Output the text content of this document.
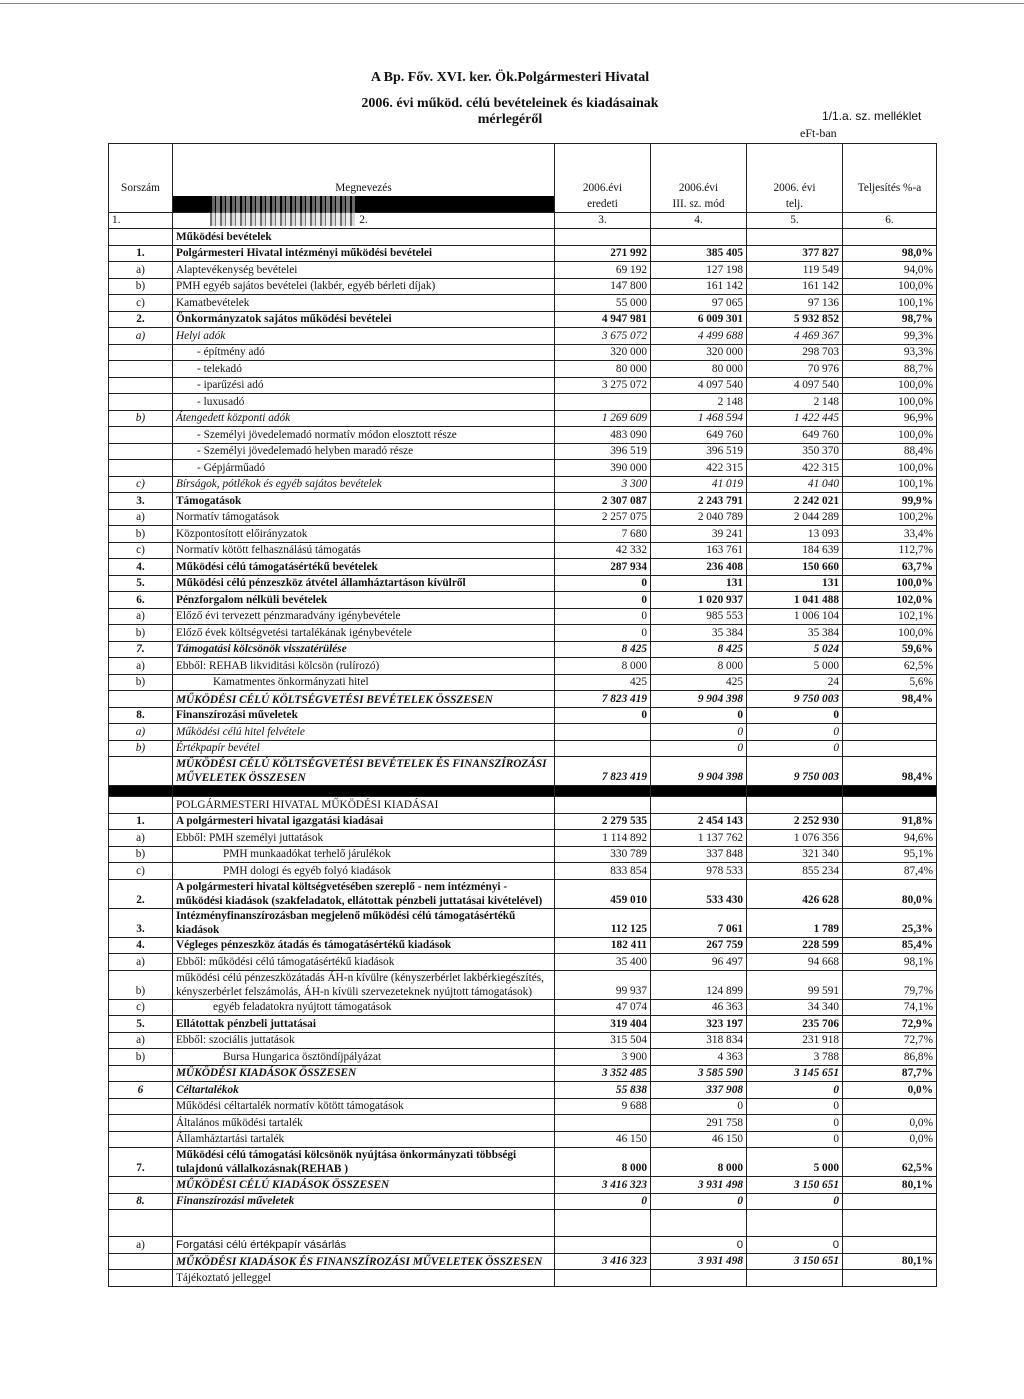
A Bp. Főv. XVI. ker. Ök.Polgármesteri Hivatal
2006. évi működ. célú bevételeinek és kiadásainak mérlegéről	1/1.a. sz. melléklet
eFt-ban
Sorszám	Megnevezés	2006.évi	2006.évi	2006. évi	Teljesítés %-a
		eredeti	III. sz. mód	telj.	
1.	2.	3.	4.	5.	6.
	Működési bevételek				
1.	Polgármesteri Hivatal intézményi működési bevételei	271 992	385 405	377 827	98,0%
a)	Alaptevékenység bevételei	69 192	127 198	119 549	94,0%
b)	PMH egyéb sajátos bevételei (lakbér, egyéb bérleti díjak)	147 800	161 142	161 142	100,0%
c)	Kamatbevételek	55 000	97 065	97 136	100,1%
2.	Önkormányzatok sajátos működési bevételei	4 947 981	6 009 301	5 932 852	98,7%
a)	Helyi adók	3 675 072	4 499 688	4 469 367	99,3%
	- építmény adó	320 000	320 000	298 703	93,3%
	- telekadó	80 000	80 000	70 976	88,7%
	- iparűzési adó	3 275 072	4 097 540	4 097 540	100,0%
	- luxusadó		2 148	2 148	100,0%
b)	Átengedett központi adók	1 269 609	1 468 594	1 422 445	96,9%
	- Személyi jövedelemadó normatív módon elosztott része	483 090	649 760	649 760	100,0%
	- Személyi jövedelemadó helyben maradó része	396 519	396 519	350 370	88,4%
	- Gépjárműadó	390 000	422 315	422 315	100,0%
c)	Bírságok, pótlékok és egyéb sajátos bevételek	3 300	41 019	41 040	100,1%
3.	Támogatások	2 307 087	2 243 791	2 242 021	99,9%
a)	Normatív támogatások	2 257 075	2 040 789	2 044 289	100,2%
b)	Központosított előirányzatok	7 680	39 241	13 093	33,4%
c)	Normatív kötött felhasználású támogatás	42 332	163 761	184 639	112,7%
4.	Működési célú támogatásértékű bevételek	287 934	236 408	150 660	63,7%
5.	Működési célú pénzeszköz átvétel államháztartáson kívülről	0	131	131	100,0%
6.	Pénzforgalom nélküli bevételek	0	1 020 937	1 041 488	102,0%
a)	Előző évi tervezett pénzmaradvány igénybevétele	0	985 553	1 006 104	102,1%
b)	Előző évek költségvetési tartalékának igénybevétele	0	35 384	35 384	100,0%
7.	Támogatási kölcsönök visszatérülése	8 425	8 425	5 024	59,6%
a)	Ebből: REHAB likviditási kölcsön (rulírozó)	8 000	8 000	5 000	62,5%
b)	Kamatmentes önkormányzati hitel	425	425	24	5,6%
	MŰKÖDÉSI CÉLÚ KÖLTSÉGVETÉSI BEVÉTELEK ÖSSZESEN	7 823 419	9 904 398	9 750 003	98,4%
8.	Finanszírozási műveletek	0	0	0	
a)	Működési célú hitel felvétele		0	0	
b)	Értékpapír bevétel		0	0	
	MŰKÖDÉSI CÉLÚ KÖLTSÉGVETÉSI BEVÉTELEK ÉS FINANSZÍROZÁSI MŰVELETEK ÖSSZESEN	7 823 419	9 904 398	9 750 003	98,4%

	POLGÁRMESTERI HIVATAL MŰKÖDÉSI KIADÁSAI				
1.	A polgármesteri hivatal igazgatási kiadásai	2 279 535	2 454 143	2 252 930	91,8%
a)	Ebből: PMH személyi juttatások	1 114 892	1 137 762	1 076 356	94,6%
b)	PMH munkaadókat terhelő járulékok	330 789	337 848	321 340	95,1%
c)	PMH dologi és egyéb folyó kiadások	833 854	978 533	855 234	87,4%
2.	A polgármesteri hivatal költségvetésében szereplő - nem intézményi - működési kiadások (szakfeladatok, ellátottak pénzbeli juttatásai kivételével)	459 010	533 430	426 628	80,0%
3.	Intézményfinanszírozásban megjelenő működési célú támogatásértékű kiadások	112 125	7 061	1 789	25,3%
4.	Végleges pénzeszköz átadás és támogatásértékű kiadások	182 411	267 759	228 599	85,4%
a)	Ebből: működési célú támogatásértékű kiadások	35 400	96 497	94 668	98,1%
b)	működési célú pénzeszközátadás ÁH-n kívülre (kényszerbérlet lakbérkiegészítés, kényszerbérlet felszámolás, ÁH-n kívüli szervezeteknek nyújtott támogatások)	99 937	124 899	99 591	79,7%
c)	egyéb feladatokra nyújtott támogatások	47 074	46 363	34 340	74,1%
5.	Ellátottak pénzbeli juttatásai	319 404	323 197	235 706	72,9%
a)	Ebből: szociális juttatások	315 504	318 834	231 918	72,7%
b)	Bursa Hungarica ösztöndíjpályázat	3 900	4 363	3 788	86,8%
	MŰKÖDÉSI KIADÁSOK ÖSSZESEN	3 352 485	3 585 590	3 145 651	87,7%
6	Céltartalékok	55 838	337 908	0	0,0%
	Működési céltartalék normatív kötött támogatások	9 688	0	0	
	Általános működési tartalék		291 758	0	0,0%
	Államháztartási tartalék	46 150	46 150	0	0,0%
7.	Működési célú támogatási kölcsönök nyújtása önkormányzati többségi tulajdonú vállalkozásnak(REHAB )	8 000	8 000	5 000	62,5%
	MŰKÖDÉSI CÉLÚ KIADÁSOK ÖSSZESEN	3 416 323	3 931 498	3 150 651	80,1%
8.	Finanszírozási műveletek	0	0	0	

a)	Forgatási célú értékpapír vásárlás		0	0	
	MŰKÖDÉSI KIADÁSOK ÉS FINANSZÍROZÁSI MŰVELETEK ÖSSZESEN	3 416 323	3 931 498	3 150 651	80,1%
	Tájékoztató jelleggel				
